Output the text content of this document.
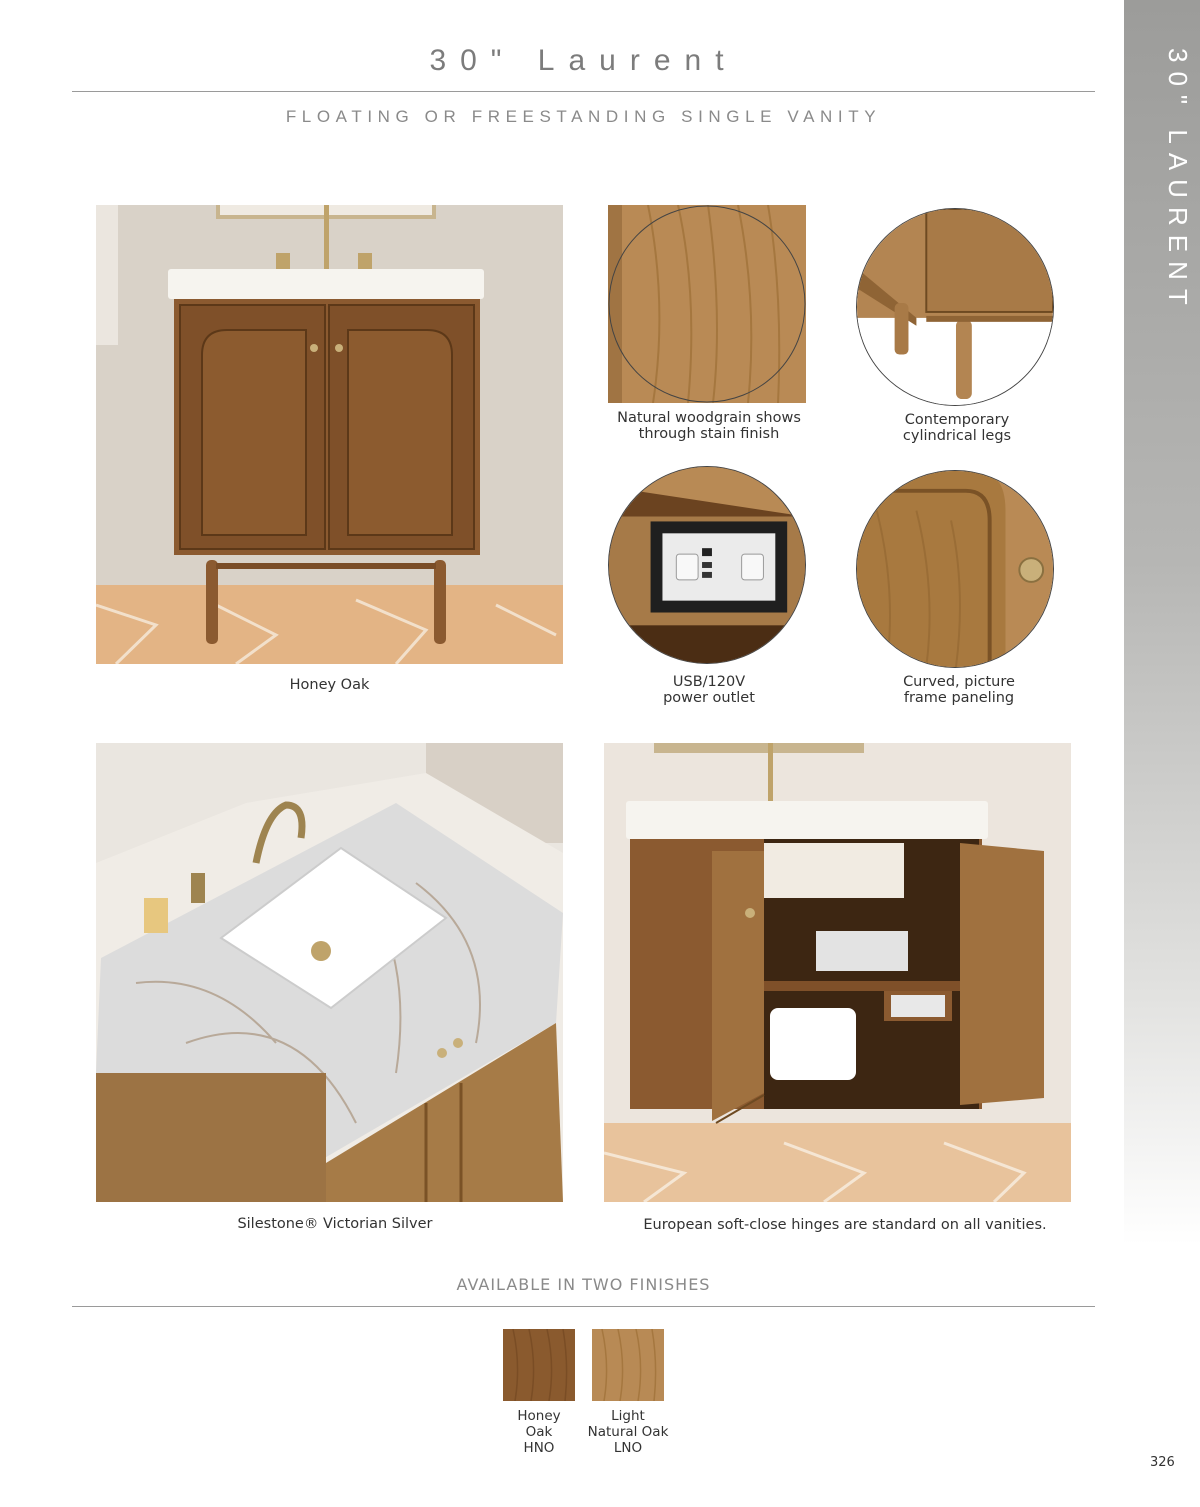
30" LAURENT
30" Laurent
FLOATING OR FREESTANDING SINGLE VANITY
Honey Oak
Natural woodgrain shows
through stain finish
Contemporary
cylindrical legs
USB/120V
power outlet
Curved, picture
frame paneling
Silestone® Victorian Silver	European soft-close hinges are standard on all vanities.
AVAILABLE IN TWO FINISHES
Honey
Oak
HNO
Light
Natural Oak
LNO
326
